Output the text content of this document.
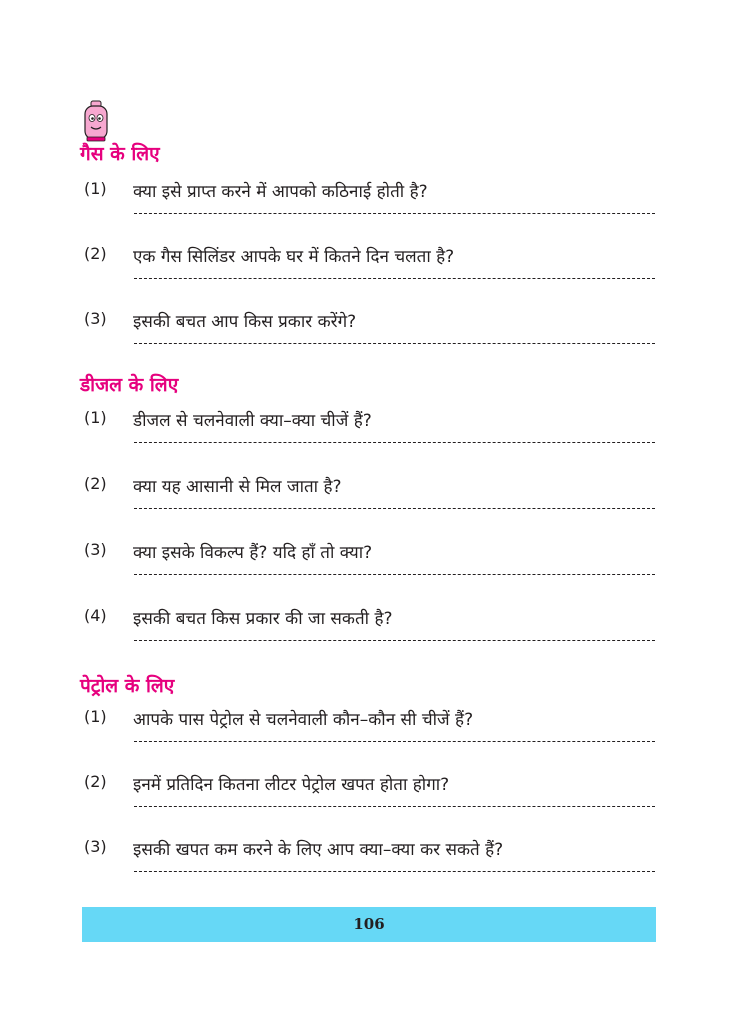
गैस के लिए
(1) क्या इसे प्राप्त करने में आपको कठिनाई होती है?
(2) एक गैस सिलिंडर आपके घर में कितने दिन चलता है?
(3) इसकी बचत आप किस प्रकार करेंगे?
डीजल के लिए
(1) डीजल से चलनेवाली क्या–क्या चीजें हैं?
(2) क्या यह आसानी से मिल जाता है?
(3) क्या इसके विकल्प हैं? यदि हाँ तो क्या?
(4) इसकी बचत किस प्रकार की जा सकती है?
पेट्रोल के लिए
(1) आपके पास पेट्रोल से चलनेवाली कौन–कौन सी चीजें हैं?
(2) इनमें प्रतिदिन कितना लीटर पेट्रोल खपत होता होगा?
(3) इसकी खपत कम करने के लिए आप क्या–क्या कर सकते हैं?
106
